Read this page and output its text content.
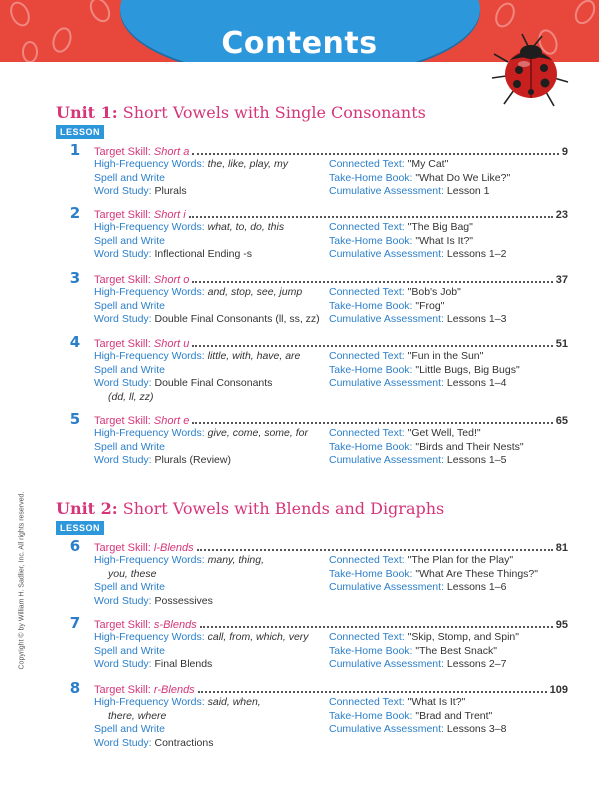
Contents
Unit 1: Short Vowels with Single Consonants
LESSON
1	Target Skill: Short a	9
High-Frequency Words: the, like, play, my
Spell and Write
Word Study: Plurals
Connected Text: "My Cat"
Take-Home Book: "What Do We Like?"
Cumulative Assessment: Lesson 1
2	Target Skill: Short i	23
High-Frequency Words: what, to, do, this
Spell and Write
Word Study: Inflectional Ending -s
Connected Text: "The Big Bag"
Take-Home Book: "What Is It?"
Cumulative Assessment: Lessons 1–2
3	Target Skill: Short o	37
High-Frequency Words: and, stop, see, jump
Spell and Write
Word Study: Double Final Consonants (ll, ss, zz)
Connected Text: "Bob's Job"
Take-Home Book: "Frog"
Cumulative Assessment: Lessons 1–3
4	Target Skill: Short u	51
High-Frequency Words: little, with, have, are
Spell and Write
Word Study: Double Final Consonants
(dd, ll, zz)
Connected Text: "Fun in the Sun"
Take-Home Book: "Little Bugs, Big Bugs"
Cumulative Assessment: Lessons 1–4
5	Target Skill: Short e	65
High-Frequency Words: give, come, some, for
Spell and Write
Word Study: Plurals (Review)
Connected Text: "Get Well, Ted!"
Take-Home Book: "Birds and Their Nests"
Cumulative Assessment: Lessons 1–5
Unit 2: Short Vowels with Blends and Digraphs
LESSON
6	Target Skill: l-Blends	81
High-Frequency Words: many, thing,
you, these
Spell and Write
Word Study: Possessives
Connected Text: "The Plan for the Play"
Take-Home Book: "What Are These Things?"
Cumulative Assessment: Lessons 1–6
7	Target Skill: s-Blends	95
High-Frequency Words: call, from, which, very
Spell and Write
Word Study: Final Blends
Connected Text: "Skip, Stomp, and Spin"
Take-Home Book: "The Best Snack"
Cumulative Assessment: Lessons 2–7
8	Target Skill: r-Blends	109
High-Frequency Words: said, when,
there, where
Spell and Write
Word Study: Contractions
Connected Text: "What Is It?"
Take-Home Book: "Brad and Trent"
Cumulative Assessment: Lessons 3–8
Copyright © by William H. Sadlier, Inc. All rights reserved.
